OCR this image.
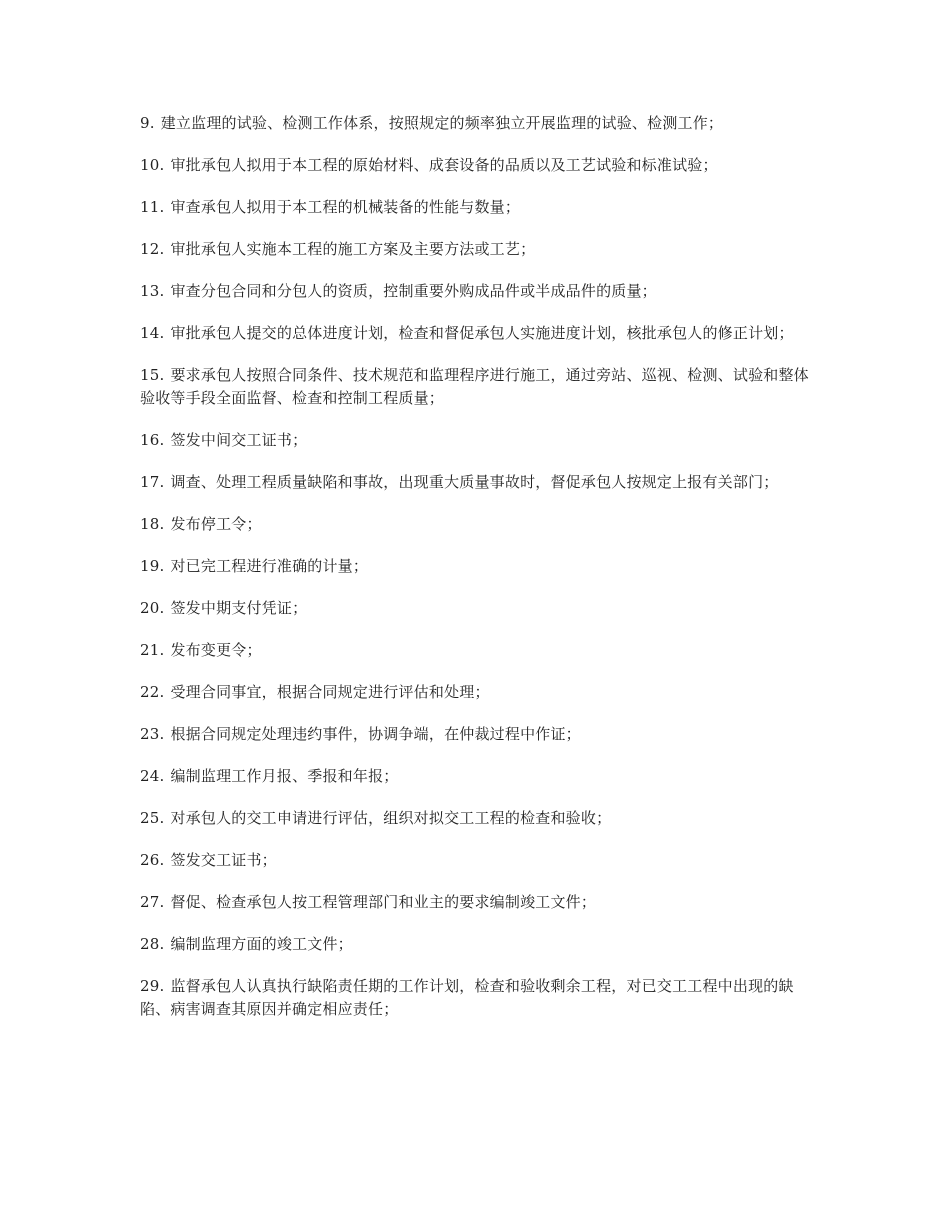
9. 建立监理的试验、检测工作体系，按照规定的频率独立开展监理的试验、检测工作；

10. 审批承包人拟用于本工程的原始材料、成套设备的品质以及工艺试验和标准试验；

11. 审查承包人拟用于本工程的机械装备的性能与数量；

12. 审批承包人实施本工程的施工方案及主要方法或工艺；

13. 审查分包合同和分包人的资质，控制重要外购成品件或半成品件的质量；

14. 审批承包人提交的总体进度计划，检查和督促承包人实施进度计划，核批承包人的修正计划；

15. 要求承包人按照合同条件、技术规范和监理程序进行施工，通过旁站、巡视、检测、试验和整体验收等手段全面监督、检查和控制工程质量；

16. 签发中间交工证书；

17. 调查、处理工程质量缺陷和事故，出现重大质量事故时，督促承包人按规定上报有关部门；

18. 发布停工令；

19. 对已完工程进行准确的计量；

20. 签发中期支付凭证；

21. 发布变更令；

22. 受理合同事宜，根据合同规定进行评估和处理；

23. 根据合同规定处理违约事件，协调争端，在仲裁过程中作证；

24. 编制监理工作月报、季报和年报；

25. 对承包人的交工申请进行评估，组织对拟交工工程的检查和验收；

26. 签发交工证书；

27. 督促、检查承包人按工程管理部门和业主的要求编制竣工文件；

28. 编制监理方面的竣工文件；

29. 监督承包人认真执行缺陷责任期的工作计划，检查和验收剩余工程，对已交工工程中出现的缺陷、病害调查其原因并确定相应责任；
